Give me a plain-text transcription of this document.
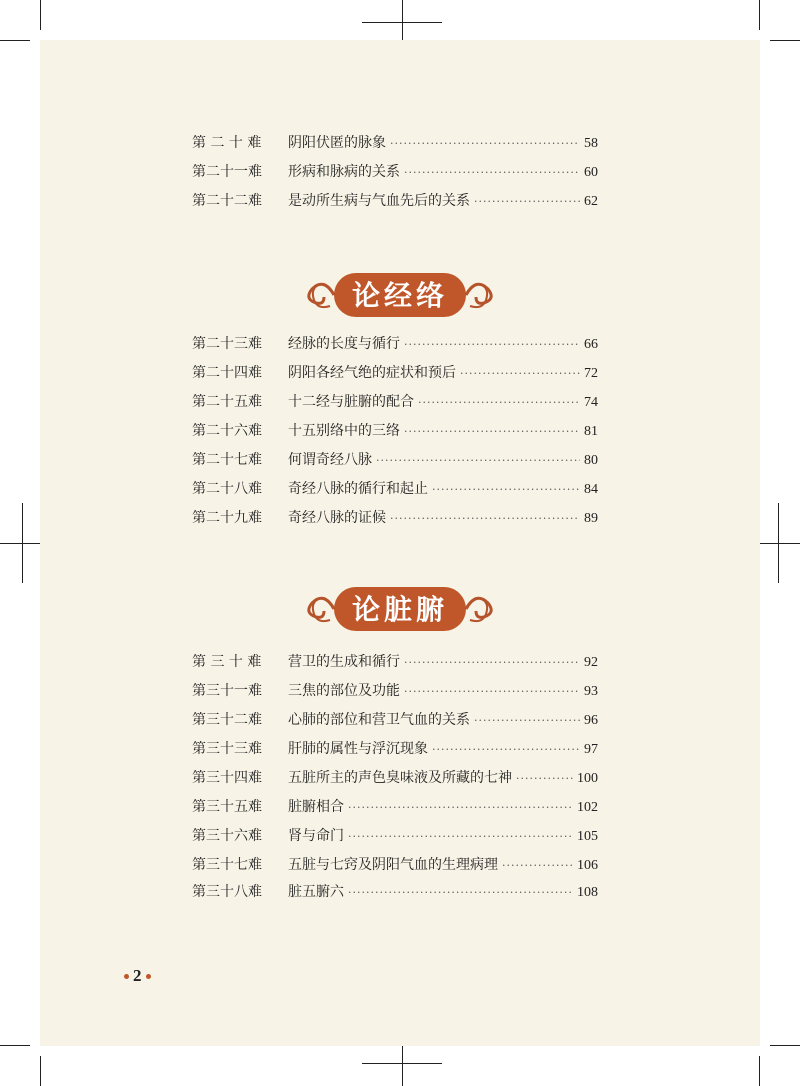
第 二 十 难	阴阳伏匿的脉象 ·····	58
第二十一难	形病和脉病的关系 ·····	60
第二十二难	是动所生病与气血先后的关系 ·····	62
论经络
第二十三难	经脉的长度与循行 ·····	66
第二十四难	阴阳各经气绝的症状和预后 ·····	72
第二十五难	十二经与脏腑的配合 ·····	74
第二十六难	十五别络中的三络 ·····	81
第二十七难	何谓奇经八脉 ·····	80
第二十八难	奇经八脉的循行和起止 ·····	84
第二十九难	奇经八脉的证候 ·····	89
论脏腑
第 三 十 难	营卫的生成和循行 ·····	92
第三十一难	三焦的部位及功能 ·····	93
第三十二难	心肺的部位和营卫气血的关系 ·····	96
第三十三难	肝肺的属性与浮沉现象 ·····	97
第三十四难	五脏所主的声色臭味液及所藏的七神 ·····	100
第三十五难	脏腑相合 ·····	102
第三十六难	肾与命门 ·····	105
第三十七难	五脏与七窍及阴阳气血的生理病理 ·····	106
第三十八难	脏五腑六 ·····	108
2
